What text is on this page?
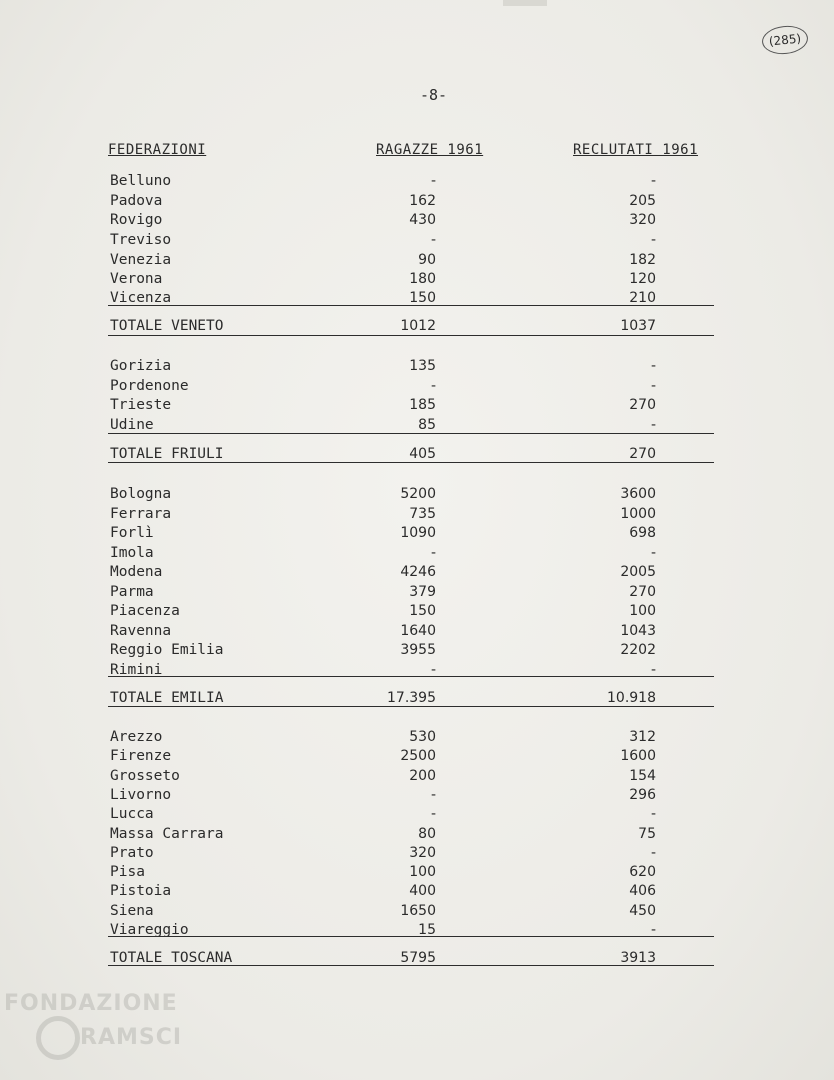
(285)
-8-
FEDERAZIONI	RAGAZZE 1961	RECLUTATI 1961
Belluno	-	-
Padova	162	205
Rovigo	430	320
Treviso	-	-
Venezia	90	182
Verona	180	120
Vicenza	150	210
TOTALE VENETO	1012	1037
Gorizia	135	-
Pordenone	-	-
Trieste	185	270
Udine	85	-
TOTALE FRIULI	405	270
Bologna	5200	3600
Ferrara	735	1000
Forlì	1090	698
Imola	-	-
Modena	4246	2005
Parma	379	270
Piacenza	150	100
Ravenna	1640	1043
Reggio Emilia	3955	2202
Rimini	-	-
TOTALE EMILIA	17.395	10.918
Arezzo	530	312
Firenze	2500	1600
Grosseto	200	154
Livorno	-	296
Lucca	-	-
Massa Carrara	80	75
Prato	320	-
Pisa	100	620
Pistoia	400	406
Siena	1650	450
Viareggio	15	-
TOTALE TOSCANA	5795	3913
FONDAZIONE
RAMSCI
